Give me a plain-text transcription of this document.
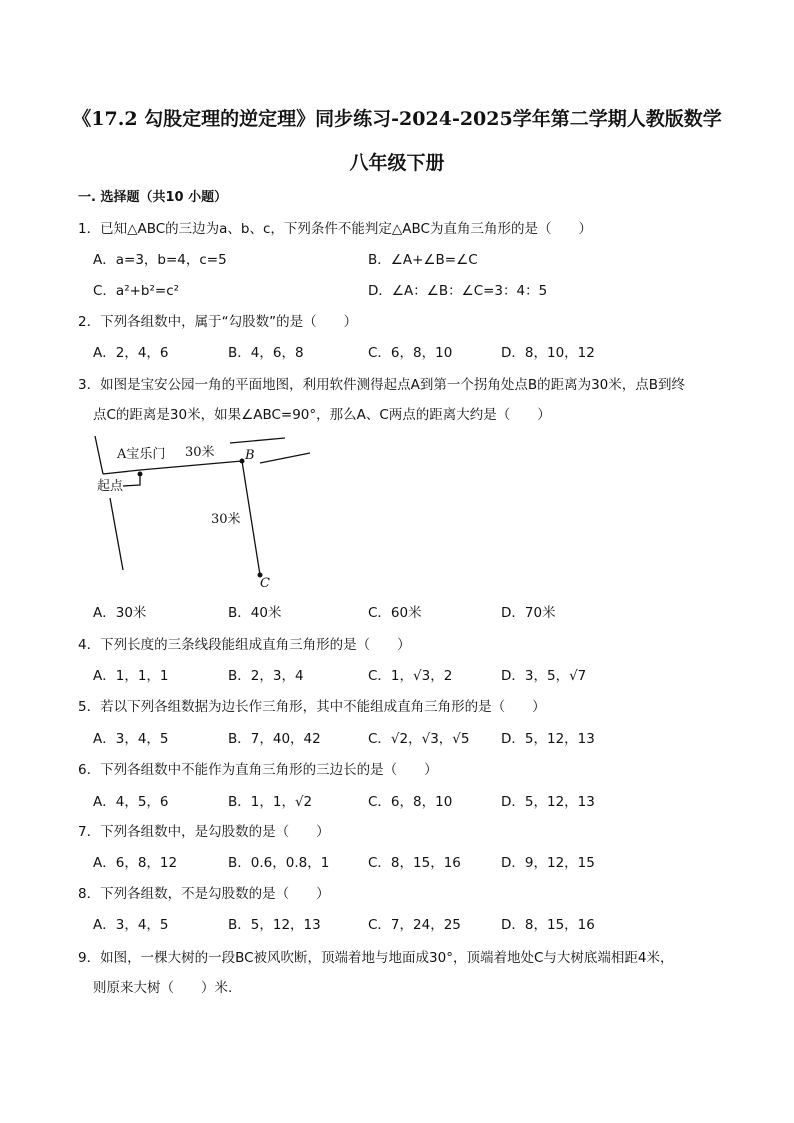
《17.2 勾股定理的逆定理》同步练习-2024-2025学年第二学期人教版数学
八年级下册
一. 选择题（共10 小题）
1．已知△ABC的三边为a、b、c，下列条件不能判定△ABC为直角三角形的是（　　）
A．a=3，b=4，c=5	B．∠A+∠B=∠C
C．a²+b²=c²	D．∠A：∠B：∠C=3：4：5
2．下列各组数中，属于“勾股数”的是（　　）
A．2，4，6	B．4，6，8	C．6，8，10	D．8，10，12
3．如图是宝安公园一角的平面地图，利用软件测得起点A到第一个拐角处点B的距离为30米，点B到终
点C的距离是30米，如果∠ABC=90°，那么A、C两点的距离大约是（　　）
A宝乐门
起点
30米
30米
B
C
A．30米	B．40米	C．60米	D．70米
4．下列长度的三条线段能组成直角三角形的是（　　）
A．1，1，1	B．2，3，4	C．1，√3，2	D．3，5，√7
5．若以下列各组数据为边长作三角形，其中不能组成直角三角形的是（　　）
A．3，4，5	B．7，40，42	C．√2，√3，√5 D．5，12，13
6．下列各组数中不能作为直角三角形的三边长的是（　　）
A．4，5，6	B．1，1，√2	C．6，8，10	D．5，12，13
7．下列各组数中，是勾股数的是（　　）
A．6，8，12	B．0.6，0.8，1	C．8，15，16	D．9，12，15
8．下列各组数，不是勾股数的是（　　）
A．3，4，5	B．5，12，13	C．7，24，25	D．8，15，16
9．如图，一棵大树的一段BC被风吹断，顶端着地与地面成30°，顶端着地处C与大树底端相距4米，
则原来大树（　　）米.
